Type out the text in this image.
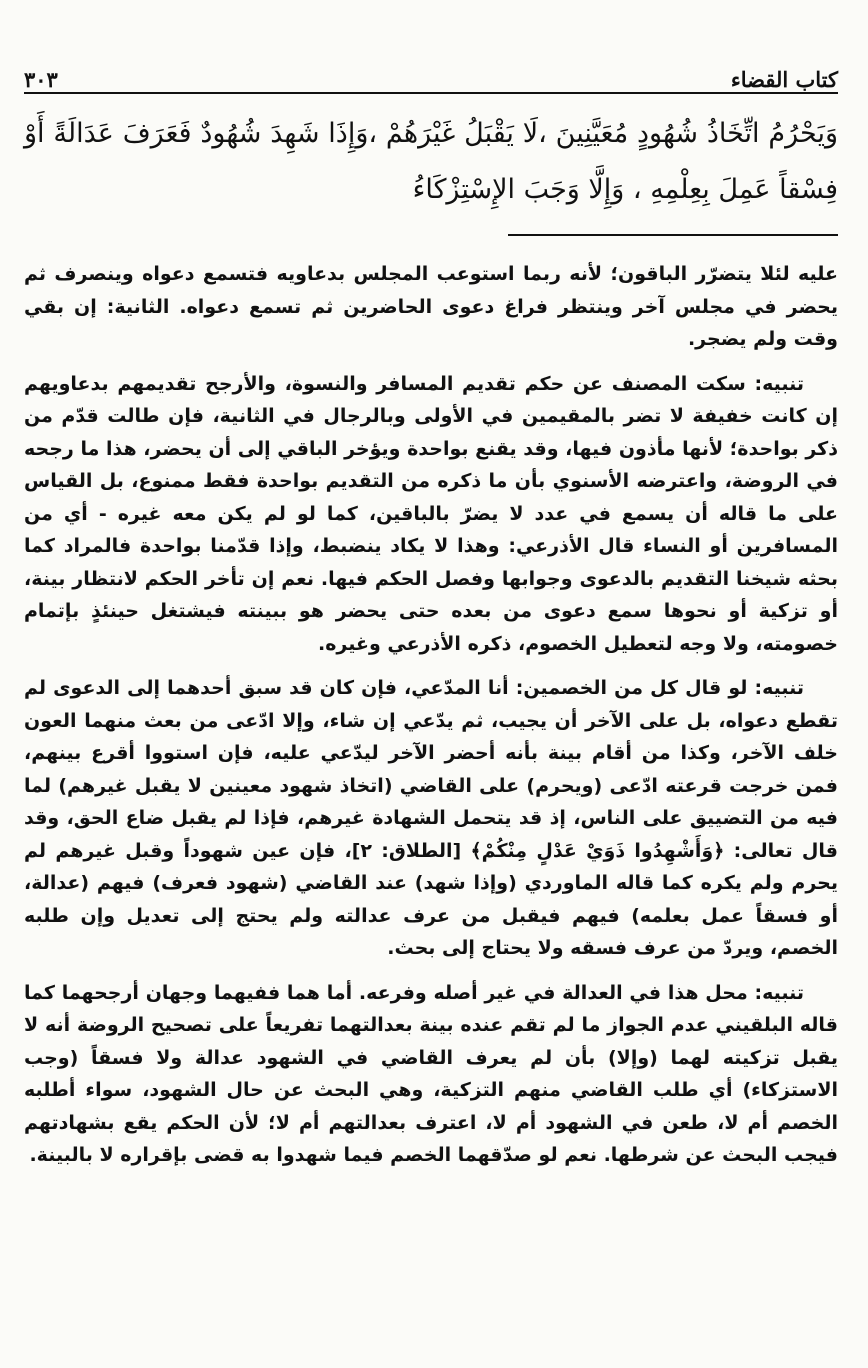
كتاب القضاء
٣٠٣
وَيَحْرُمُ اتِّخَاذُ شُهُودٍ مُعَيَّنِينَ ،لَا يَقْبَلُ غَيْرَهُمْ ،وَإِذَا شَهِدَ شُهُودٌ فَعَرَفَ عَدَالَةً أَوْ فِسْقاً عَمِلَ بِعِلْمِهِ ، وَإِلَّا وَجَبَ الإِسْتِزْكَاءُ

عليه لئلا يتضرّر الباقون؛ لأنه ربما استوعب المجلس بدعاويه فتسمع دعواه وينصرف ثم يحضر في مجلس آخر وينتظر فراغ دعوى الحاضرين ثم تسمع دعواه. الثانية: إن بقي وقت ولم يضجر.

تنبيه: سكت المصنف عن حكم تقديم المسافر والنسوة، والأرجح تقديمهم بدعاويهم إن كانت خفيفة لا تضر بالمقيمين في الأولى وبالرجال في الثانية، فإن طالت قدّم من ذكر بواحدة؛ لأنها مأذون فيها، وقد يقنع بواحدة ويؤخر الباقي إلى أن يحضر، هذا ما رجحه في الروضة، واعترضه الأسنوي بأن ما ذكره من التقديم بواحدة فقط ممنوع، بل القياس على ما قاله أن يسمع في عدد لا يضرّ بالباقين، كما لو لم يكن معه غيره - أي من المسافرين أو النساء قال الأذرعي: وهذا لا يكاد ينضبط، وإذا قدّمنا بواحدة فالمراد كما بحثه شيخنا التقديم بالدعوى وجوابها وفصل الحكم فيها. نعم إن تأخر الحكم لانتظار بينة، أو تزكية أو نحوها سمع دعوى من بعده حتى يحضر هو ببينته فيشتغل حينئذٍ بإتمام خصومته، ولا وجه لتعطيل الخصوم، ذكره الأذرعي وغيره.

تنبيه: لو قال كل من الخصمين: أنا المدّعي، فإن كان قد سبق أحدهما إلى الدعوى لم تقطع دعواه، بل على الآخر أن يجيب، ثم يدّعي إن شاء، وإلا ادّعى من بعث منهما العون خلف الآخر، وكذا من أقام بينة بأنه أحضر الآخر ليدّعي عليه، فإن استووا أقرع بينهم، فمن خرجت قرعته ادّعى (ويحرم) على القاضي (اتخاذ شهود معينين لا يقبل غيرهم) لما فيه من التضييق على الناس، إذ قد يتحمل الشهادة غيرهم، فإذا لم يقبل ضاع الحق، وقد قال تعالى: ﴿وَأَشْهِدُوا ذَوَيْ عَدْلٍ مِنْكُمْ﴾ [الطلاق: ٢]، فإن عين شهوداً وقبل غيرهم لم يحرم ولم يكره كما قاله الماوردي (وإذا شهد) عند القاضي (شهود فعرف) فيهم (عدالة، أو فسقاً عمل بعلمه) فيهم فيقبل من عرف عدالته ولم يحتج إلى تعديل وإن طلبه الخصم، ويردّ من عرف فسقه ولا يحتاج إلى بحث.

تنبيه: محل هذا في العدالة في غير أصله وفرعه. أما هما ففيهما وجهان أرجحهما كما قاله البلقيني عدم الجواز ما لم تقم عنده بينة بعدالتهما تفريعاً على تصحيح الروضة أنه لا يقبل تزكيته لهما (وإلا) بأن لم يعرف القاضي في الشهود عدالة ولا فسقاً (وجب الاستزكاء) أي طلب القاضي منهم التزكية، وهي البحث عن حال الشهود، سواء أطلبه الخصم أم لا، طعن في الشهود أم لا، اعترف بعدالتهم أم لا؛ لأن الحكم يقع بشهادتهم فيجب البحث عن شرطها. نعم لو صدّقهما الخصم فيما شهدوا به قضى بإقراره لا بالبينة.
